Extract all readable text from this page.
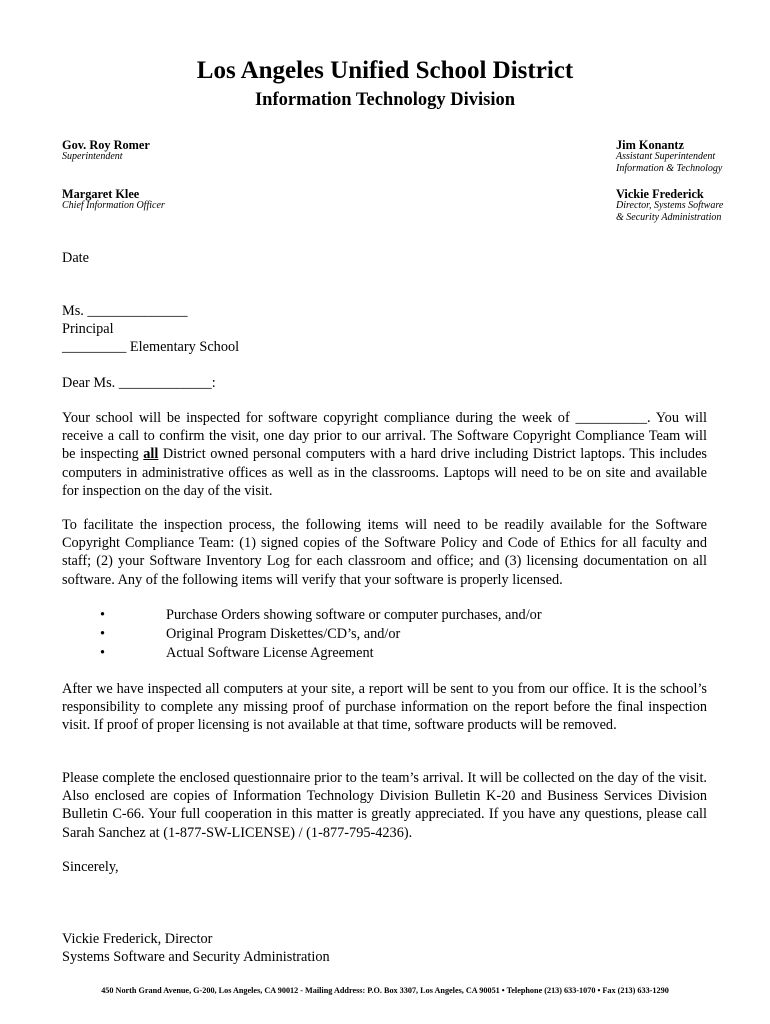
Los Angeles Unified School District
Information Technology Division
Gov. Roy Romer
Superintendent
Margaret Klee
Chief Information Officer
Jim Konantz
Assistant Superintendent
Information & Technology
Vickie Frederick
Director, Systems Software
& Security Administration
Date
Ms. ______________
Principal
_________ Elementary School
Dear Ms. _____________:
Your school will be inspected for software copyright compliance during the week of __________. You will receive a call to confirm the visit, one day prior to our arrival. The Software Copyright Compliance Team will be inspecting all District owned personal computers with a hard drive including District laptops. This includes computers in administrative offices as well as in the classrooms. Laptops will need to be on site and available for inspection on the day of the visit.
To facilitate the inspection process, the following items will need to be readily available for the Software Copyright Compliance Team: (1) signed copies of the Software Policy and Code of Ethics for all faculty and staff; (2) your Software Inventory Log for each classroom and office; and (3) licensing documentation on all software. Any of the following items will verify that your software is properly licensed.
•	Purchase Orders showing software or computer purchases, and/or
•	Original Program Diskettes/CD’s, and/or
•	Actual Software License Agreement
After we have inspected all computers at your site, a report will be sent to you from our office. It is the school’s responsibility to complete any missing proof of purchase information on the report before the final inspection visit. If proof of proper licensing is not available at that time, software products will be removed.
Please complete the enclosed questionnaire prior to the team’s arrival. It will be collected on the day of the visit. Also enclosed are copies of Information Technology Division Bulletin K-20 and Business Services Division Bulletin C-66. Your full cooperation in this matter is greatly appreciated. If you have any questions, please call Sarah Sanchez at (1-877-SW-LICENSE) / (1-877-795-4236).
Sincerely,
Vickie Frederick, Director
Systems Software and Security Administration
450 North Grand Avenue, G-200, Los Angeles, CA 90012 - Mailing Address: P.O. Box 3307, Los Angeles, CA 90051 • Telephone (213) 633-1070 • Fax (213) 633-1290
